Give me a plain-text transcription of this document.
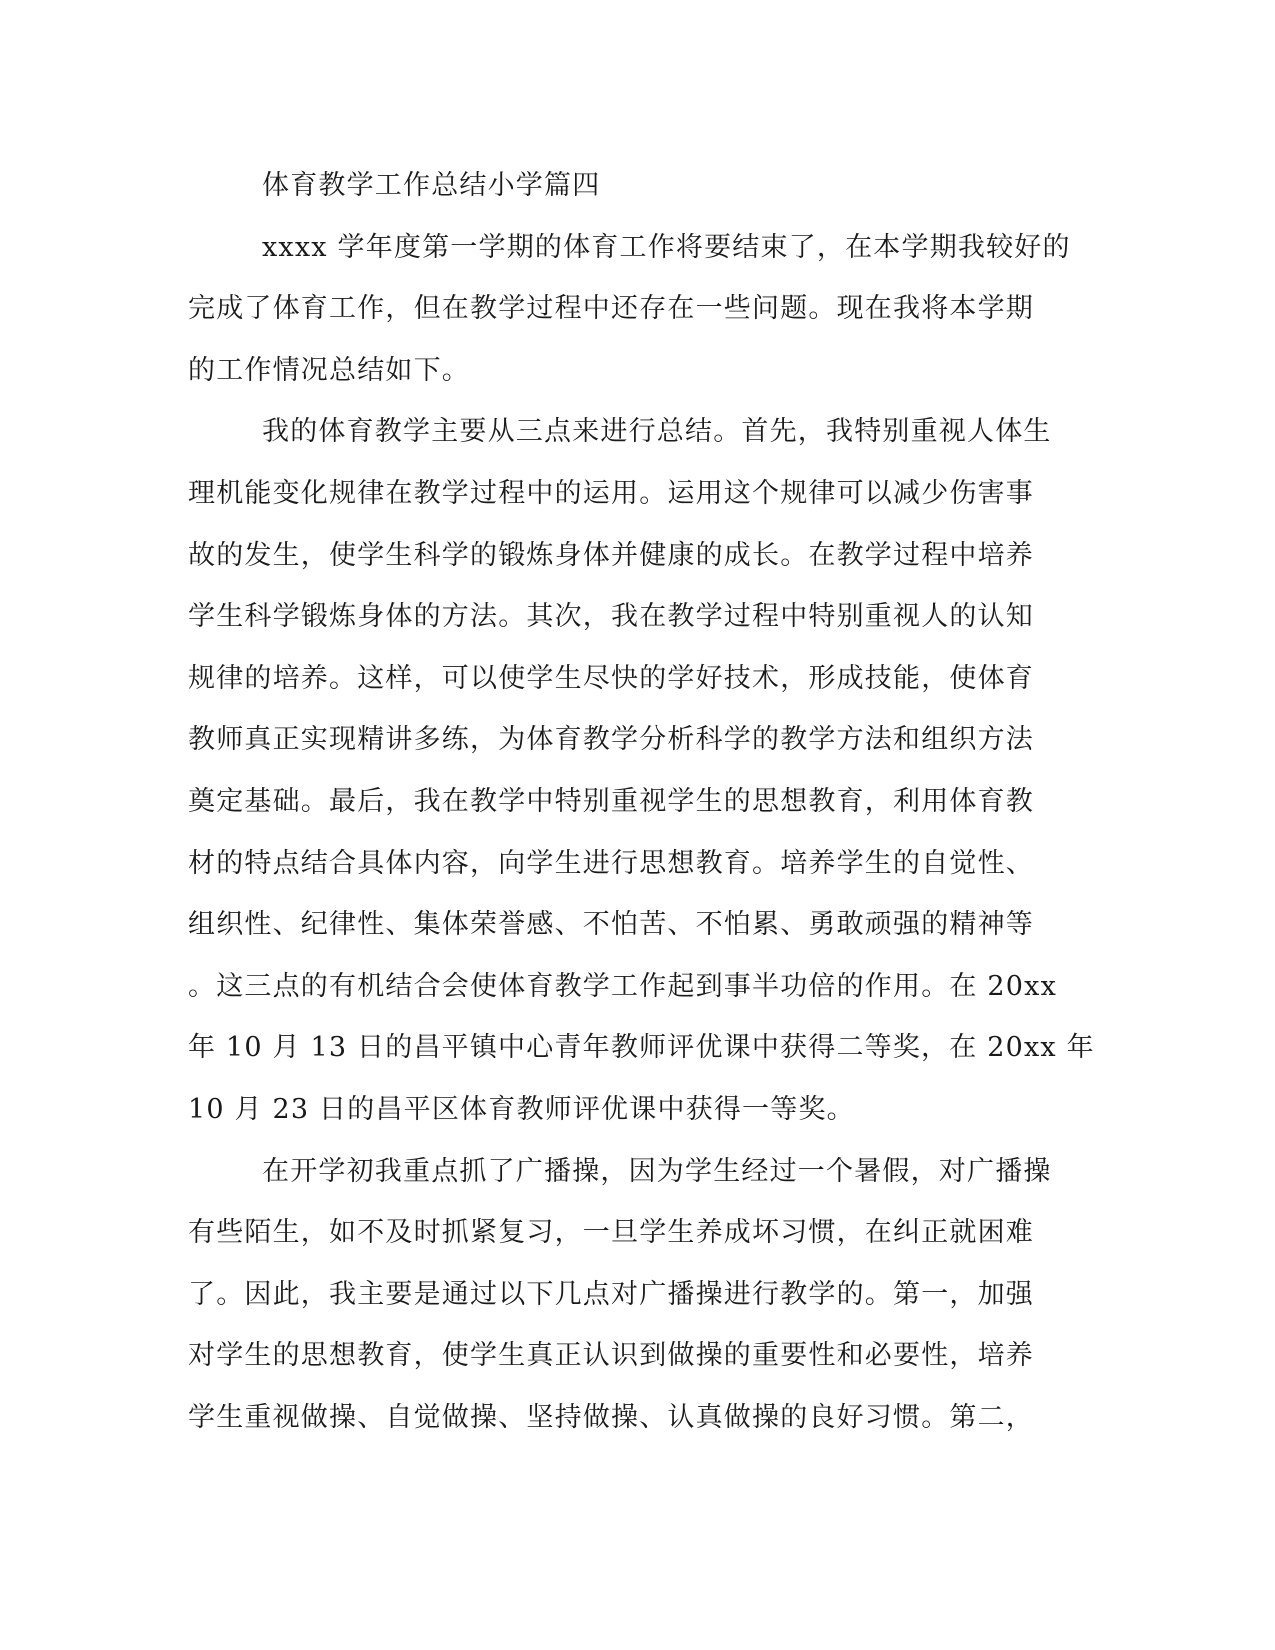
体育教学工作总结小学篇四
xxxx 学年度第一学期的体育工作将要结束了，在本学期我较好的
完成了体育工作，但在教学过程中还存在一些问题。现在我将本学期
的工作情况总结如下。
我的体育教学主要从三点来进行总结。首先，我特别重视人体生
理机能变化规律在教学过程中的运用。运用这个规律可以减少伤害事
故的发生，使学生科学的锻炼身体并健康的成长。在教学过程中培养
学生科学锻炼身体的方法。其次，我在教学过程中特别重视人的认知
规律的培养。这样，可以使学生尽快的学好技术，形成技能，使体育
教师真正实现精讲多练，为体育教学分析科学的教学方法和组织方法
奠定基础。最后，我在教学中特别重视学生的思想教育，利用体育教
材的特点结合具体内容，向学生进行思想教育。培养学生的自觉性、
组织性、纪律性、集体荣誉感、不怕苦、不怕累、勇敢顽强的精神等
。这三点的有机结合会使体育教学工作起到事半功倍的作用。在 20xx
年 10 月 13 日的昌平镇中心青年教师评优课中获得二等奖，在 20xx 年
10 月 23 日的昌平区体育教师评优课中获得一等奖。
在开学初我重点抓了广播操，因为学生经过一个暑假，对广播操
有些陌生，如不及时抓紧复习，一旦学生养成坏习惯，在纠正就困难
了。因此，我主要是通过以下几点对广播操进行教学的。第一，加强
对学生的思想教育，使学生真正认识到做操的重要性和必要性，培养
学生重视做操、自觉做操、坚持做操、认真做操的良好习惯。第二，
